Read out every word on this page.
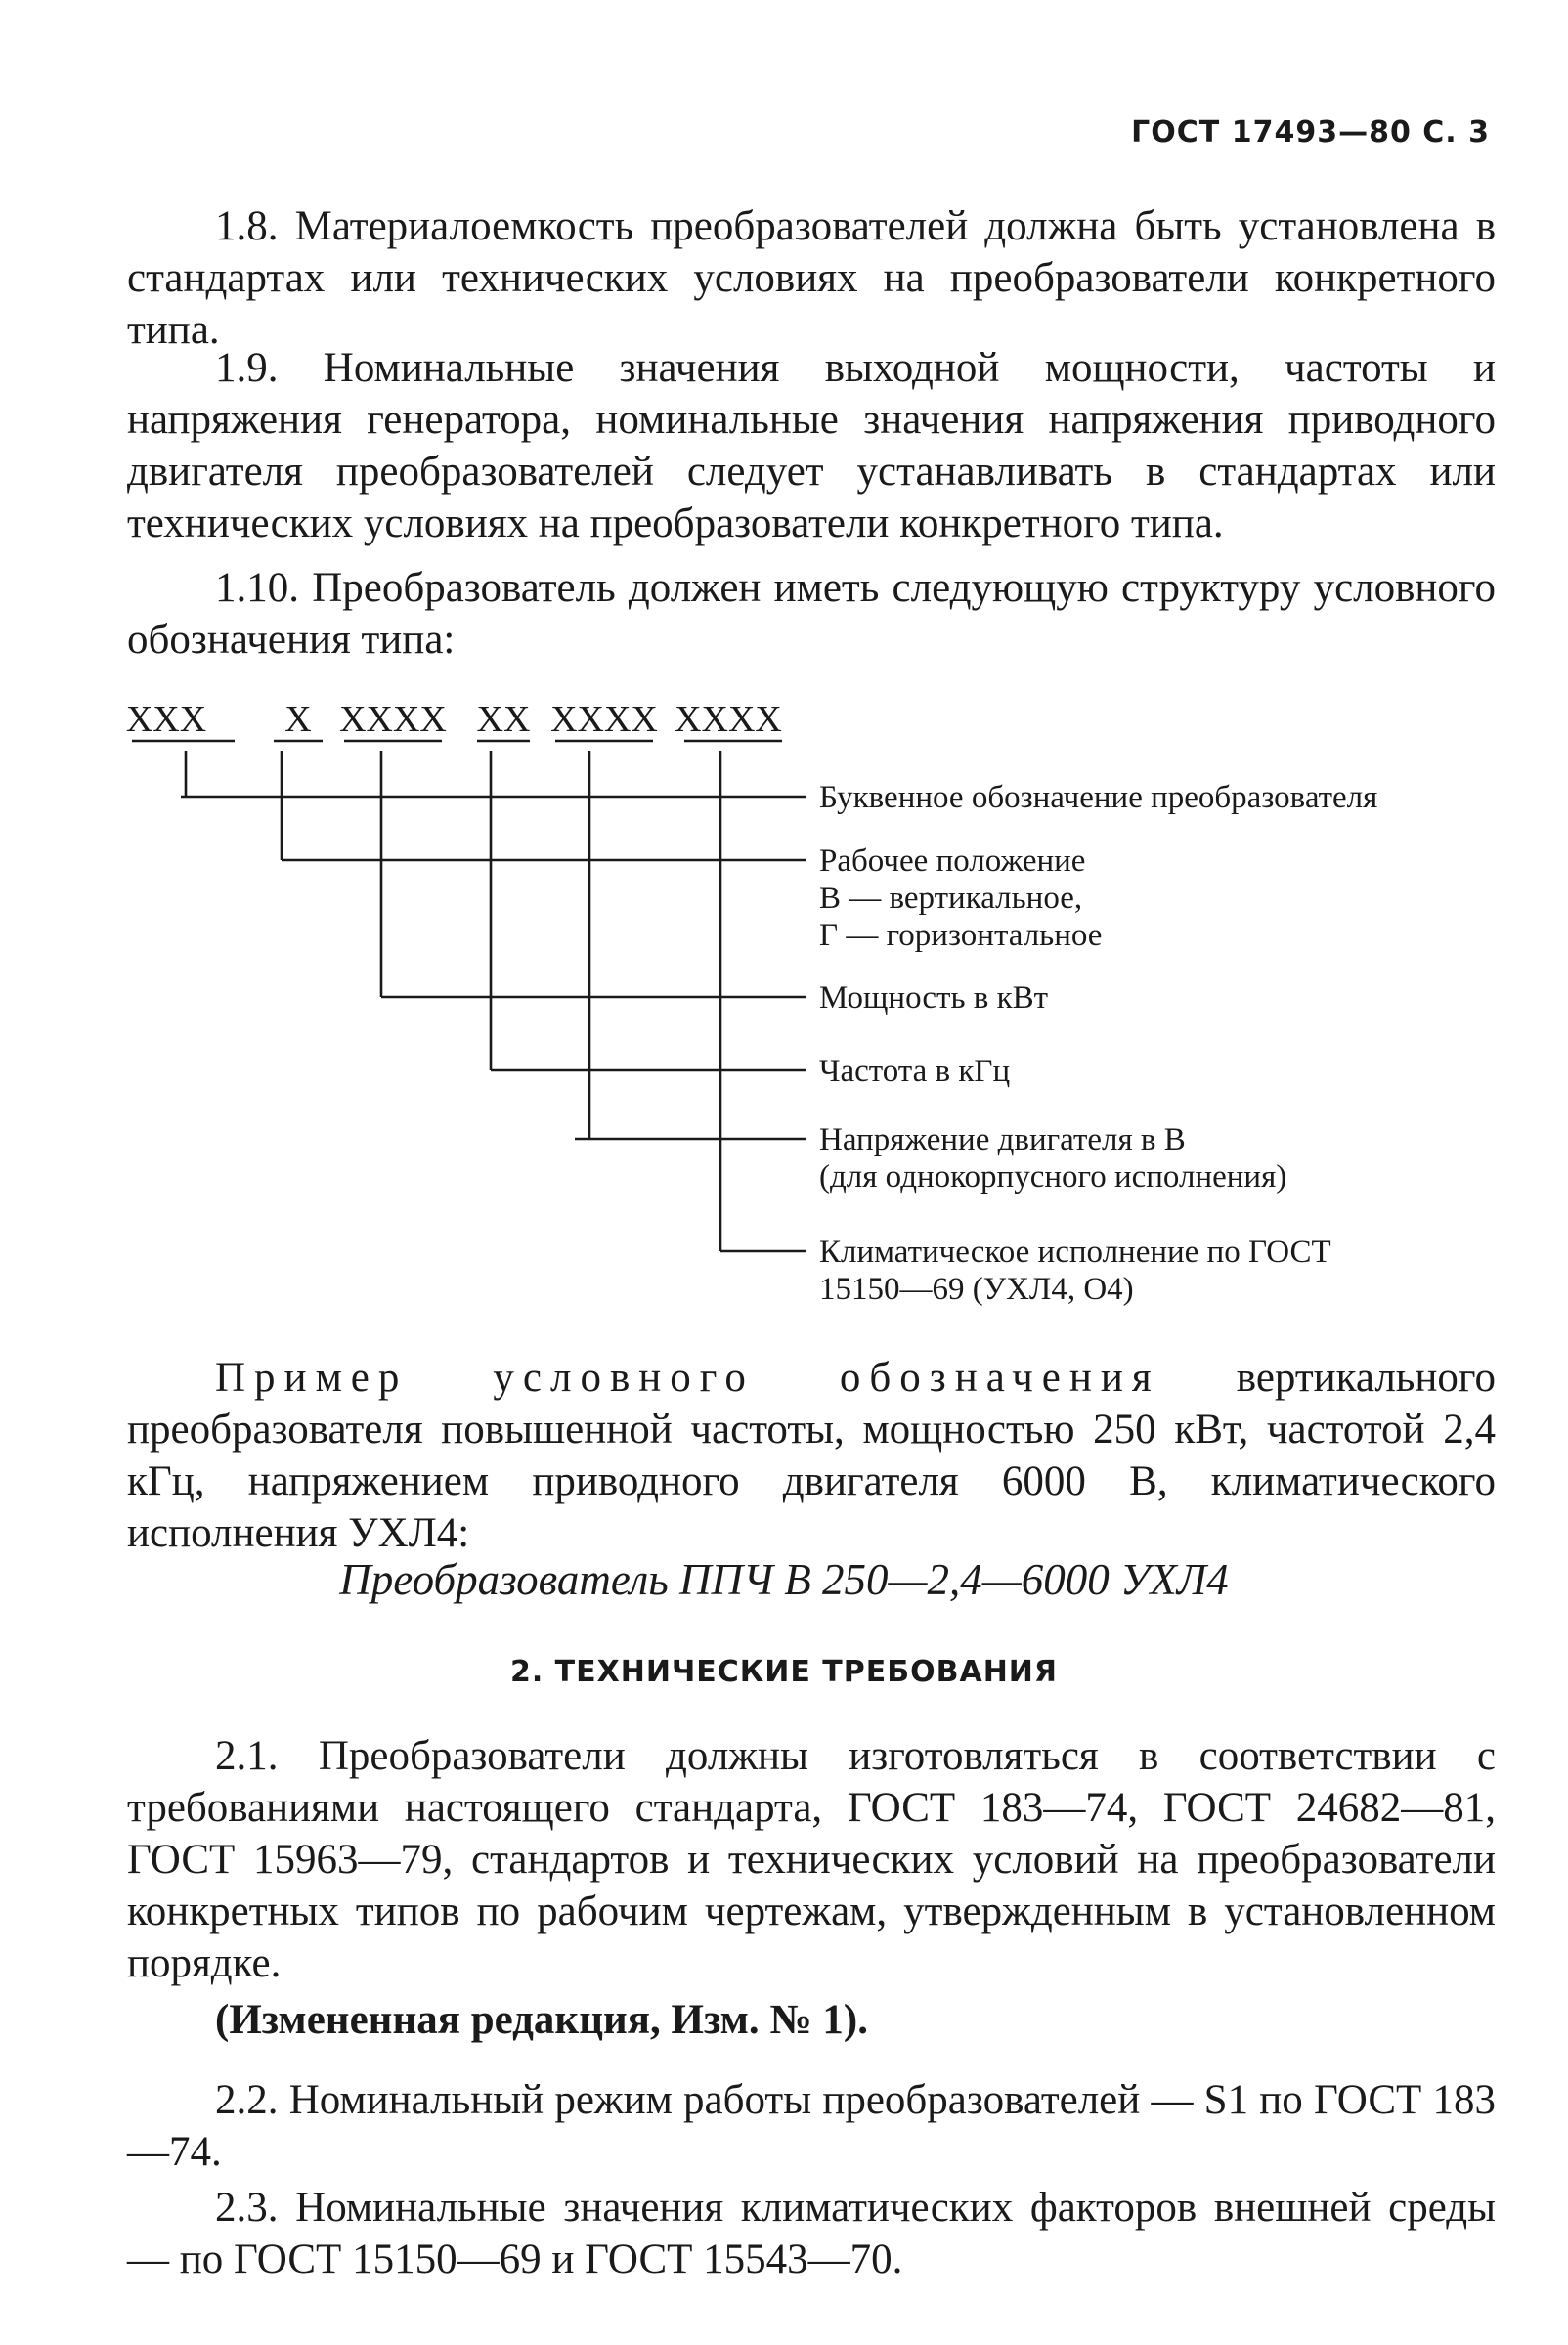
ГОСТ 17493—80 С. 3

1.8. Материалоемкость преобразователей должна быть установлена в стандартах или технических условиях на преобразователи конкретного типа.

1.9. Номинальные значения выходной мощности, частоты и напряжения генератора, номинальные значения напряжения приводного двигателя преобразователей следует устанавливать в стандартах или технических условиях на преобразователи конкретного типа.

1.10. Преобразователь должен иметь следующую структуру условного обозначения типа:

XXX X XXXX XX XXXX XXXX
Буквенное обозначение преобразователя
Рабочее положение
В — вертикальное,
Г — горизонтальное
Мощность в кВт
Частота в кГц
Напряжение двигателя в В
(для однокорпусного исполнения)
Климатическое исполнение по ГОСТ
15150—69 (УХЛ4, О4)

Пример условного обозначения вертикального преобразователя повышенной частоты, мощностью 250 кВт, частотой 2,4 кГц, напряжением приводного двигателя 6000 В, климатического исполнения УХЛ4:

Преобразователь ППЧ В 250—2,4—6000 УХЛ4
2. ТЕХНИЧЕСКИЕ ТРЕБОВАНИЯ

2.1. Преобразователи должны изготовляться в соответствии с требованиями настоящего стандарта, ГОСТ 183—74, ГОСТ 24682—81, ГОСТ 15963—79, стандартов и технических условий на преобразователи конкретных типов по рабочим чертежам, утвержденным в установленном порядке.

(Измененная редакция, Изм. № 1).

2.2. Номинальный режим работы преобразователей — S1 по ГОСТ 183—74.

2.3. Номинальные значения климатических факторов внешней среды — по ГОСТ 15150—69 и ГОСТ 15543—70.
